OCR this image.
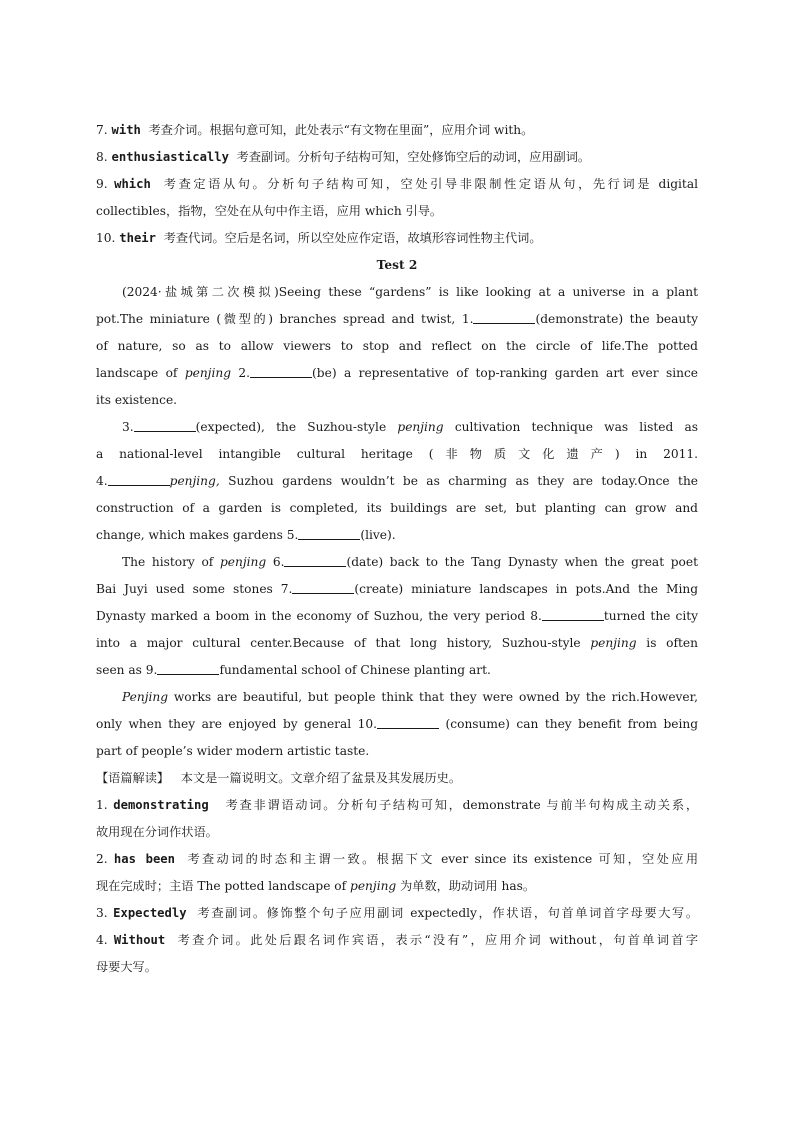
7. with 考查介词。根据句意可知，此处表示“有文物在里面”，应用介词 with。
8. enthusiastically 考查副词。分析句子结构可知，空处修饰空后的动词，应用副词。
9. which 考查定语从句。分析句子结构可知，空处引导非限制性定语从句，先行词是 digital
collectibles，指物，空处在从句中作主语，应用 which 引导。
10. their 考查代词。空后是名词，所以空处应作定语，故填形容词性物主代词。
Test 2
(2024·盐城第二次模拟)Seeing these “gardens” is like looking at a universe in a plant
pot.The miniature (微型的) branches spread and twist, 1.	(demonstrate) the beauty
of nature, so as to allow viewers to stop and reflect on the circle of life.The potted
landscape of penjing 2.	(be) a representative of top-ranking garden art ever since
its existence.
3.	(expected), the Suzhou-style penjing cultivation technique was listed as
a national-level intangible cultural heritage (非物质文化遗产) in 2011.
4.	penjing, Suzhou gardens wouldn’t be as charming as they are today.Once the
construction of a garden is completed, its buildings are set, but planting can grow and
change, which makes gardens 5.	(live).
The history of penjing 6.	(date) back to the Tang Dynasty when the great poet
Bai Juyi used some stones 7.	(create) miniature landscapes in pots.And the Ming
Dynasty marked a boom in the economy of Suzhou, the very period 8.	turned the city
into a major cultural center.Because of that long history, Suzhou-style penjing is often
seen as 9.	fundamental school of Chinese planting art.
Penjing works are beautiful, but people think that they were owned by the rich.However,
only when they are enjoyed by general 10.	(consume) can they benefit from being
part of people’s wider modern artistic taste.
【语篇解读】 本文是一篇说明文。文章介绍了盆景及其发展历史。
1. demonstrating 考查非谓语动词。分析句子结构可知，demonstrate 与前半句构成主动关系，
故用现在分词作状语。
2. has been 考查动词的时态和主谓一致。根据下文 ever since its existence 可知，空处应用
现在完成时；主语 The potted landscape of penjing 为单数，助动词用 has。
3. Expectedly 考查副词。修饰整个句子应用副词 expectedly，作状语，句首单词首字母要大写。
4. Without 考查介词。此处后跟名词作宾语，表示“没有”，应用介词 without，句首单词首字
母要大写。
